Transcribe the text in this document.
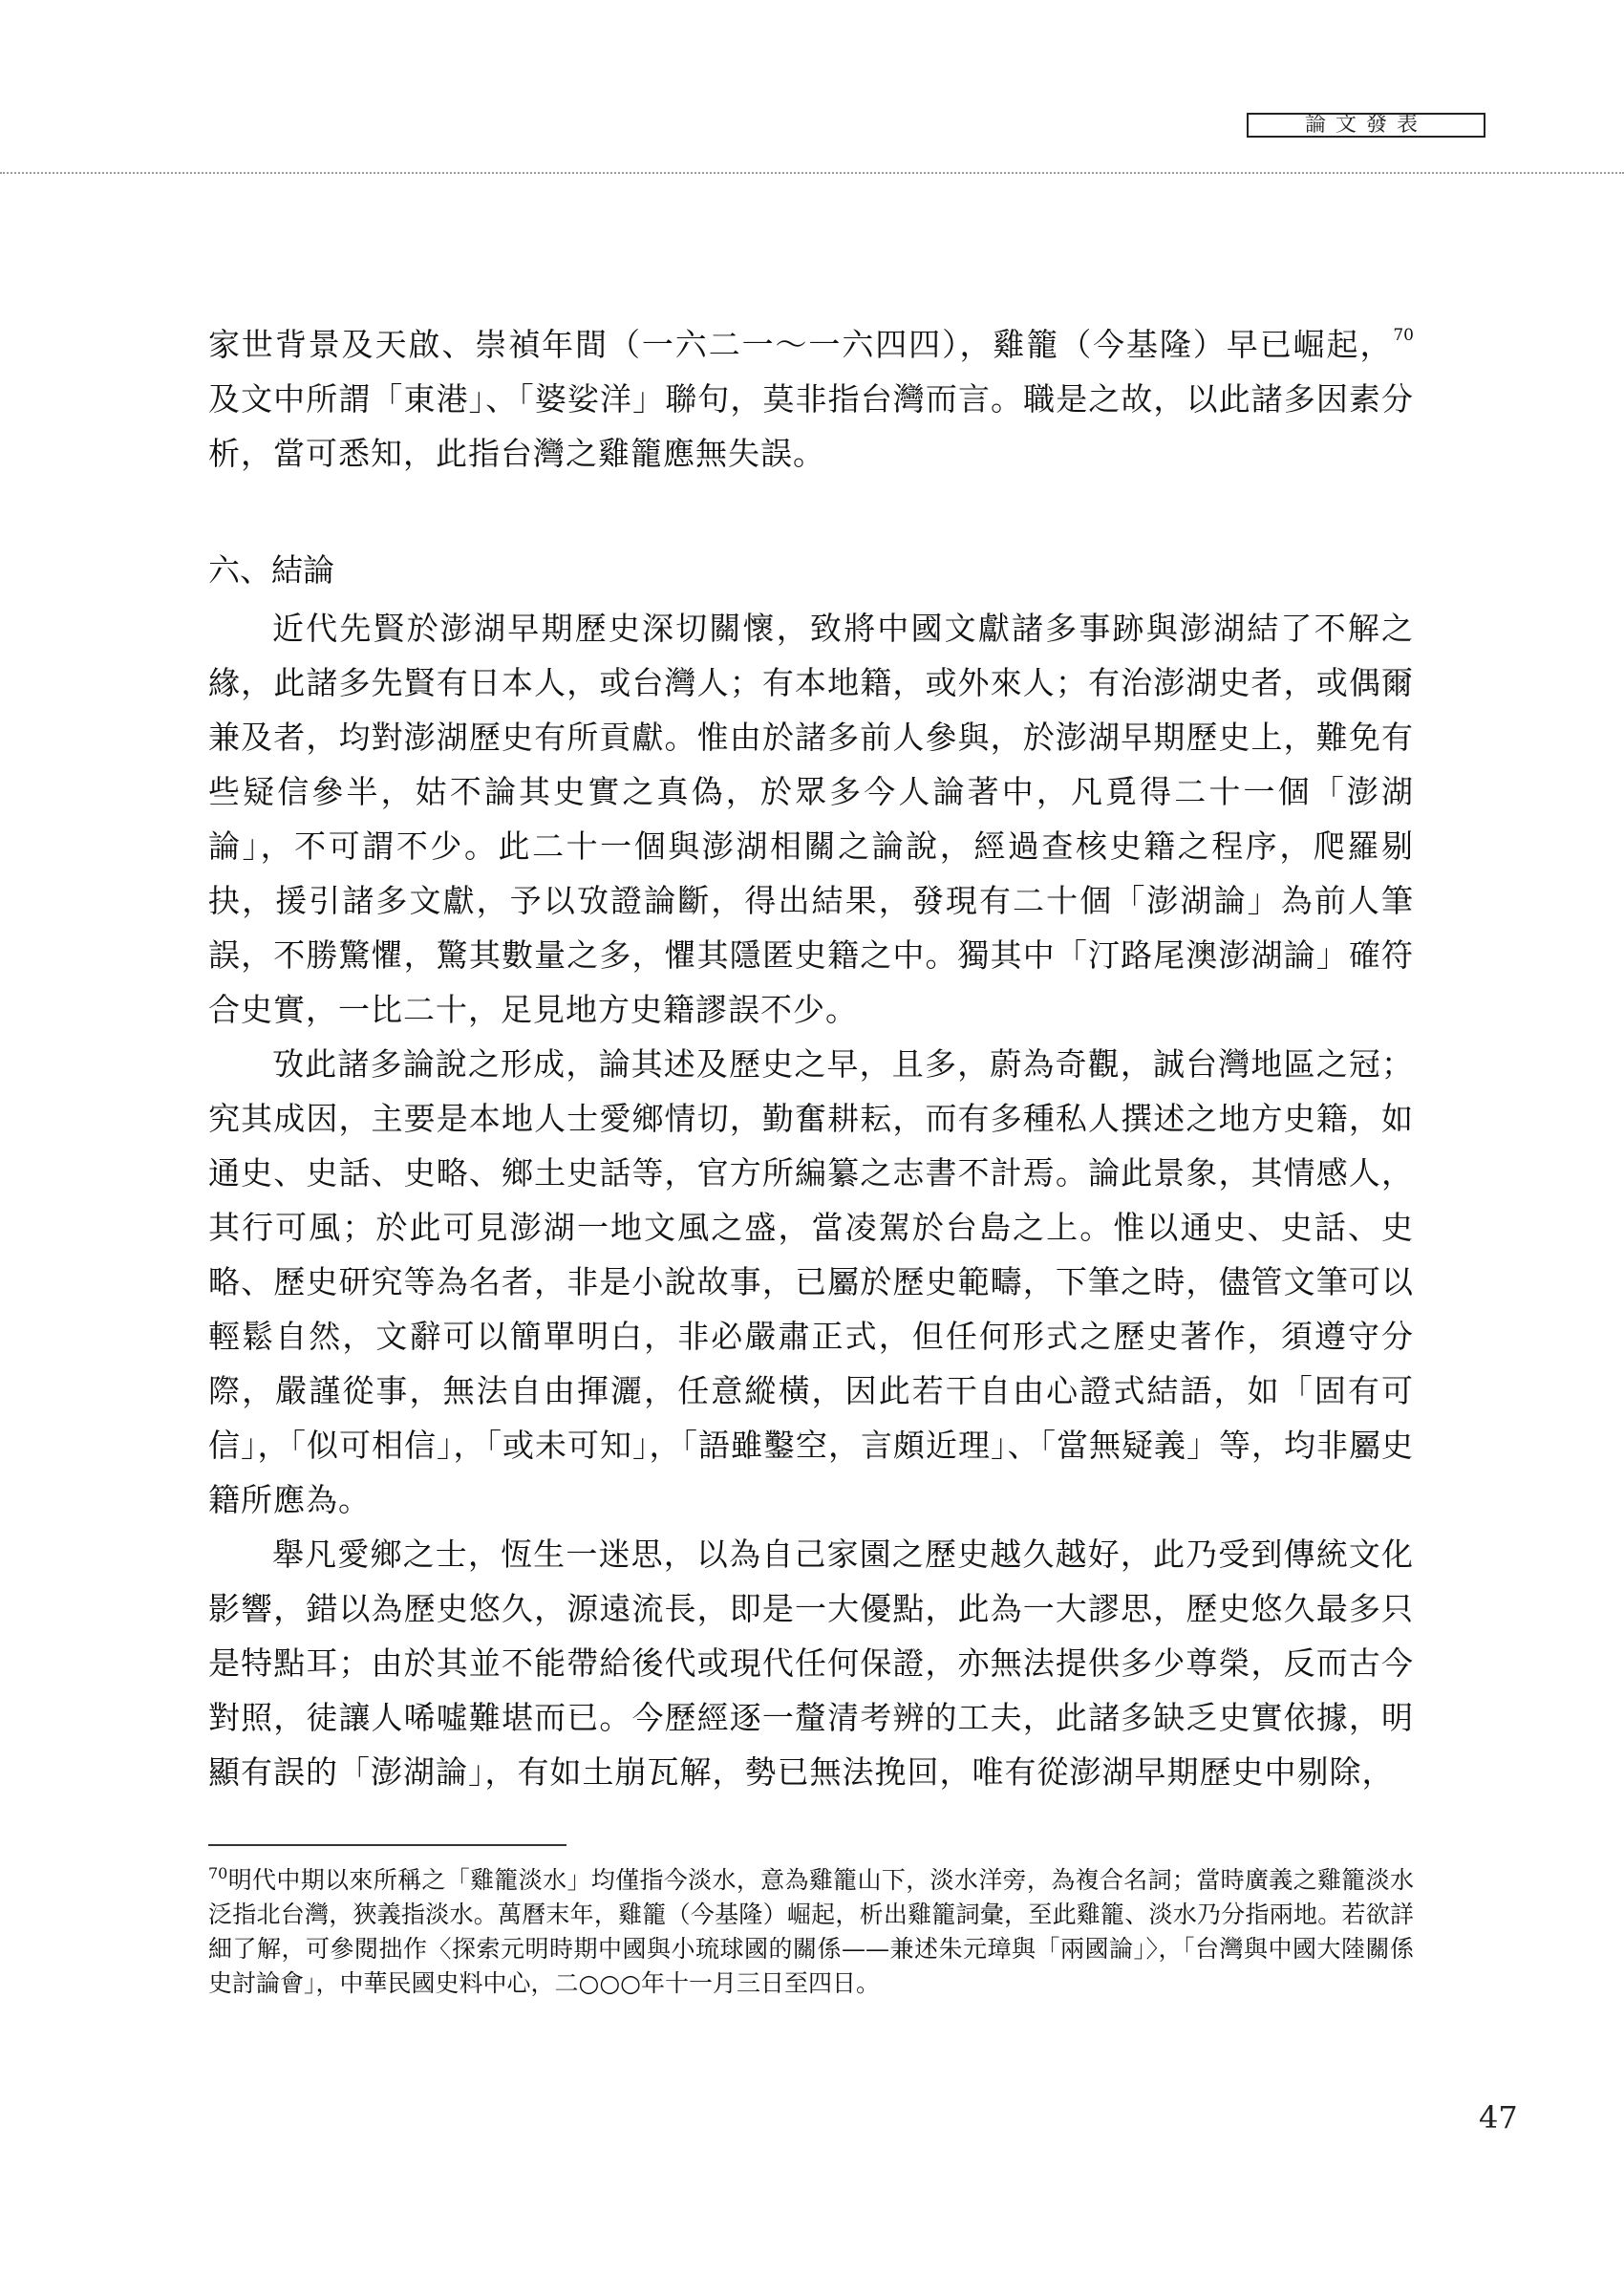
論文發表

家世背景及天啟、崇禎年間（一六二一～一六四四），雞籠（今基隆）早已崛起，$^{70}$及文中所謂「東港」、「婆娑洋」聯句，莫非指台灣而言。職是之故，以此諸多因素分析，當可悉知，此指台灣之雞籠應無失誤。

六、結論

近代先賢於澎湖早期歷史深切關懷，致將中國文獻諸多事跡與澎湖結了不解之緣，此諸多先賢有日本人，或台灣人；有本地籍，或外來人；有治澎湖史者，或偶爾兼及者，均對澎湖歷史有所貢獻。惟由於諸多前人參與，於澎湖早期歷史上，難免有些疑信參半，姑不論其史實之真偽，於眾多今人論著中，凡覓得二十一個「澎湖論」，不可謂不少。此二十一個與澎湖相關之論說，經過查核史籍之程序，爬羅剔抉，援引諸多文獻，予以攷證論斷，得出結果，發現有二十個「澎湖論」為前人筆誤，不勝驚懼，驚其數量之多，懼其隱匿史籍之中。獨其中「汀路尾澳澎湖論」確符合史實，一比二十，足見地方史籍謬誤不少。

攷此諸多論說之形成，論其述及歷史之早，且多，蔚為奇觀，誠台灣地區之冠；究其成因，主要是本地人士愛鄉情切，勤奮耕耘，而有多種私人撰述之地方史籍，如通史、史話、史略、鄉土史話等，官方所編纂之志書不計焉。論此景象，其情感人，其行可風；於此可見澎湖一地文風之盛，當凌駕於台島之上。惟以通史、史話、史略、歷史研究等為名者，非是小說故事，已屬於歷史範疇，下筆之時，儘管文筆可以輕鬆自然，文辭可以簡單明白，非必嚴肅正式，但任何形式之歷史著作，須遵守分際，嚴謹從事，無法自由揮灑，任意縱橫，因此若干自由心證式結語，如「固有可信」，「似可相信」，「或未可知」，「語雖鑿空，言頗近理」、「當無疑義」等，均非屬史籍所應為。

舉凡愛鄉之士，恆生一迷思，以為自己家園之歷史越久越好，此乃受到傳統文化影響，錯以為歷史悠久，源遠流長，即是一大優點，此為一大謬思，歷史悠久最多只是特點耳；由於其並不能帶給後代或現代任何保證，亦無法提供多少尊榮，反而古今對照，徒讓人唏噓難堪而已。今歷經逐一釐清考辨的工夫，此諸多缺乏史實依據，明顯有誤的「澎湖論」，有如土崩瓦解，勢已無法挽回，唯有從澎湖早期歷史中剔除，

$^{70}$明代中期以來所稱之「雞籠淡水」均僅指今淡水，意為雞籠山下，淡水洋旁，為複合名詞；當時廣義之雞籠淡水泛指北台灣，狹義指淡水。萬曆末年，雞籠（今基隆）崛起，析出雞籠詞彙，至此雞籠、淡水乃分指兩地。若欲詳細了解，可參閱拙作〈探索元明時期中國與小琉球國的關係——兼述朱元璋與「兩國論」〉，「台灣與中國大陸關係史討論會」，中華民國史料中心，二○○○年十一月三日至四日。
47
